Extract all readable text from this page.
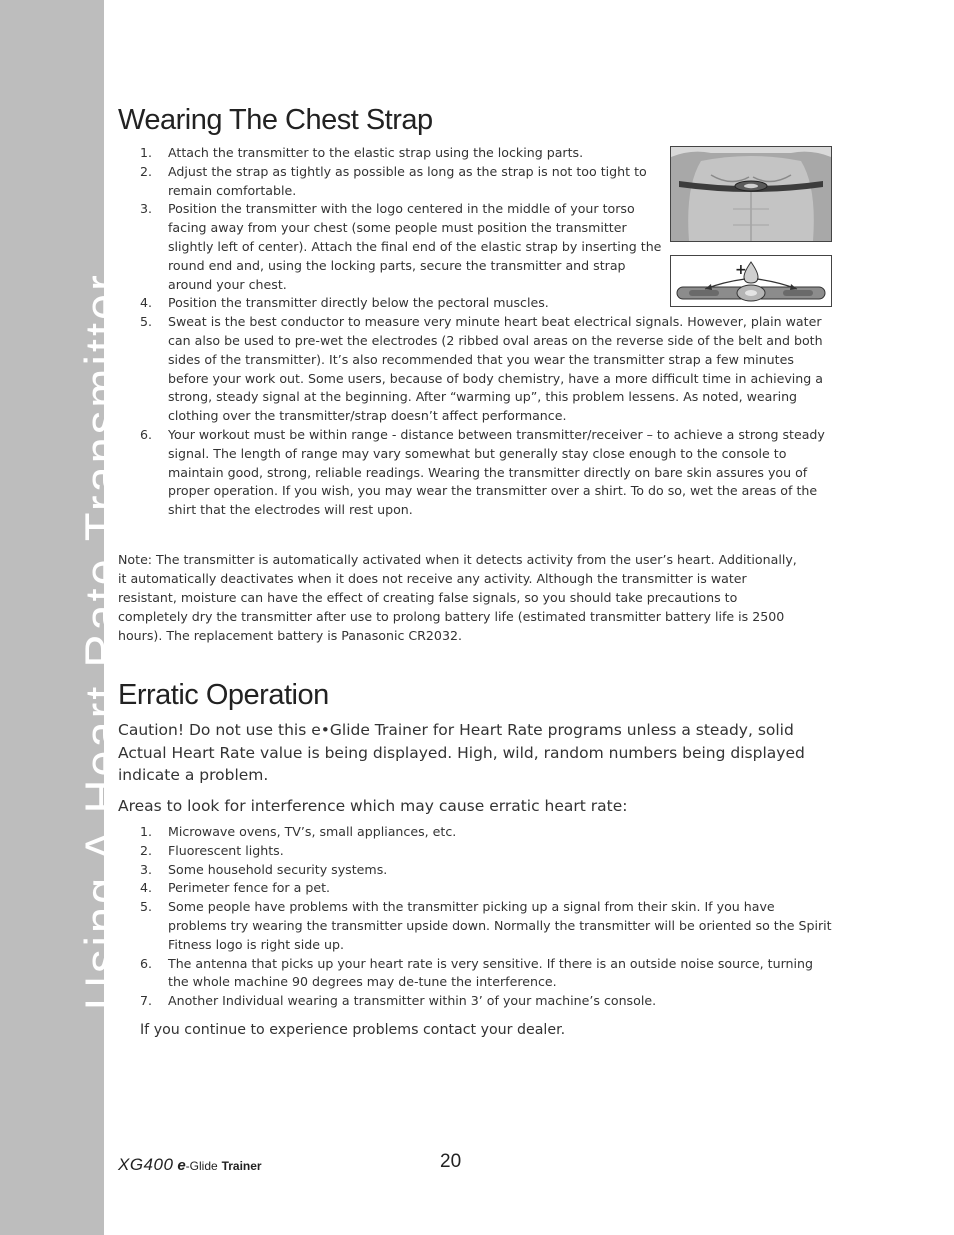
Using A Heart Rate Transmitter
Wearing The Chest Strap
1. Attach the transmitter to the elastic strap using the locking parts.
2. Adjust the strap as tightly as possible as long as the strap is not too tight to remain comfortable.
3. Position the transmitter with the logo centered in the middle of your torso facing away from your chest (some people must position the transmitter slightly left of center). Attach the final end of the elastic strap by inserting the round end and, using the locking parts, secure the transmitter and strap around your chest.
4. Position the transmitter directly below the pectoral muscles.
5. Sweat is the best conductor to measure very minute heart beat electrical signals. However, plain water can also be used to pre-wet the electrodes (2 ribbed oval areas on the reverse side of the belt and both sides of the transmitter). It’s also recommended that you wear the transmitter strap a few minutes before your work out. Some users, because of body chemistry, have a more difficult time in achieving a strong, steady signal at the beginning. After “warming up”, this problem lessens. As noted, wearing clothing over the transmitter/strap doesn’t affect performance.
6. Your workout must be within range - distance between transmitter/receiver – to achieve a strong steady signal. The length of range may vary somewhat but generally stay close enough to the console to maintain good, strong, reliable readings. Wearing the transmitter directly on bare skin assures you of proper operation. If you wish, you may wear the transmitter over a shirt. To do so, wet the areas of the shirt that the electrodes will rest upon.
+

Note: The transmitter is automatically activated when it detects activity from the user’s heart. Additionally, it automatically deactivates when it does not receive any activity. Although the transmitter is water resistant, moisture can have the effect of creating false signals, so you should take precautions to completely dry the transmitter after use to prolong battery life (estimated transmitter battery life is 2500 hours). The replacement battery is Panasonic CR2032.

Erratic Operation

Caution! Do not use this e•Glide Trainer for Heart Rate programs unless a steady, solid Actual Heart Rate value is being displayed. High, wild, random numbers being displayed indicate a problem.

Areas to look for interference which may cause erratic heart rate:

1. Microwave ovens, TV’s, small appliances, etc.
2. Fluorescent lights.
3. Some household security systems.
4. Perimeter fence for a pet.
5. Some people have problems with the transmitter picking up a signal from their skin. If you have problems try wearing the transmitter upside down. Normally the transmitter will be oriented so the Spirit Fitness logo is right side up.
6. The antenna that picks up your heart rate is very sensitive. If there is an outside noise source, turning the whole machine 90 degrees may de-tune the interference.
7. Another Individual wearing a transmitter within 3’ of your machine’s console.

If you continue to experience problems contact your dealer.

XG400 e-Glide Trainer	20
